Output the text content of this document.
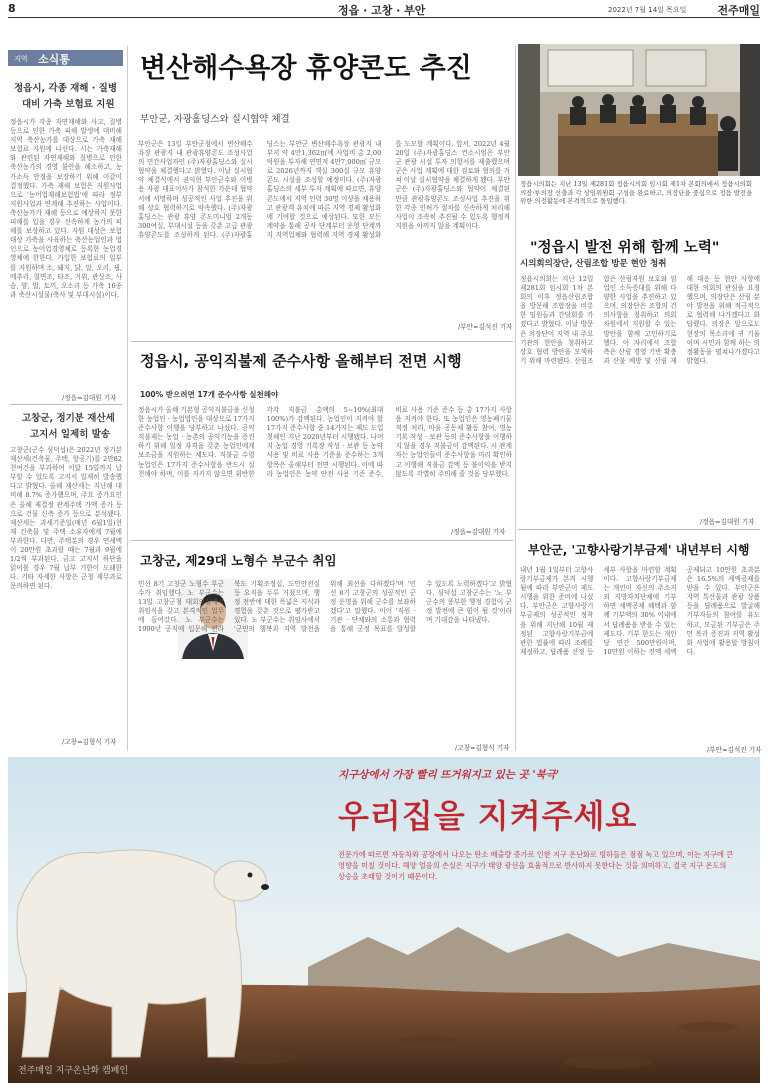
8	정읍 · 고창 · 부안	2022년 7월 14일 목요일	전주매일
지역 소식통
정읍시, 각종 재해 · 질병
대비 가축 보험료 지원
정읍시가 각종 자연재해와 사고, 질병 등으로 인한 가축 피해 발생에 대비해 지역 축산농가를 대상으로 가축 재해 보험료 지원에 나선다. 시는 가축재해와 관련된 자연재해와 질병으로 인한 축산농가의 경영 불안을 해소하고, 농가소득 안정을 보장하기 위해 이같이 결정했다. 가축 재해 보험은 지원사업으로 '농어업재해보험법'에 따라 정부 지원사업과 연계해 추진하는 사업이다. 축산농가가 재해 등으로 예상하지 못한 피해를 입을 경우 신속하게 농가의 피해를 보상하고 있다. 지원 대상은 보험 대상 가축을 사육하는 축산농업인과 법인으로 농어업경영체로 등록한 농업경영체에 한한다. 가입한 보험료의 일부를 지원하며 소, 돼지, 닭, 말, 오리, 꿩, 메추리, 칠면조, 타조, 거위, 관상조, 사슴, 양, 벌, 토끼, 오소리 등 가축 16종과 축산시설물(축사 및 부대시설)이다.
/정읍=김대원 기자
고창군, 정기분 재산세
고지서 일제히 발송
고창군(군수 심덕섭)은 2022년 정기분 재산세(건축물, 주택, 항공기)를 2만82천여건을 부과하여 이달 15일까지 납부할 수 있도록 고지서 일제히 발송했다고 밝혔다. 올해 재산세는 지난해 대비해 8.7% 증가했으며, 주요 증가요인은 올해 재결정 관계주택 가액 증가 등으로 건물 신축 증가 등으로 분석됐다. 재산세는 과세기준일(매년 6월1일)현재 건축물 및 주택 소유자에게 7월에 부과한다. 다만, 주택분의 경우 연세액이 20만원 초과할 때는 7월과 9월에 1/2씩 부과된다. 금고 고지서 하단을 읽어볼 경우 7월 납부 기한이 도래한다. 기타 자세한 사항은 군청 재무과로 문의하면 된다.
/고창=김형식 기자
변산해수욕장 휴양콘도 추진
부안군, 자광홀딩스와 실시협약 체결
부안군은 13일 부안군청에서 변산해수욕장 관광지 내 관광휴양콘도 조성사업의 민간사업자인 (주)자광홀딩스와 실시협약을 체결했다고 밝혔다. 이날 실시협약 체결식에서 권익현 부안군수와 이병용 자광 대표이사가 참석한 가운데 협약서에 서명하며 성공적인 사업 추진을 위해 상호 협력하기로 약속했다. (주)자광홀딩스는 관광 휴양 콘도미니엄 2개동 300여실, 부대시설 등을 갖춘 고급 관광휴양콘도를 조성하게 된다. (주)자광홀딩스는 부안군 변산해수욕장 관광지 내 부지 약 4만1,362㎡에 사업비 총 2,00억원을 투자해 연면적 4만7,000㎡ 규모로 2026년까지 객실 300실 규모 휴양 콘도 시설을 조성할 예정이다. (주)자광홀딩스의 세부 투자 계획에 따르면, 휴양콘도에서 지역 인력 30명 이상을 채용하고 관광객 유치에 따른 지역 경제 활성화에 기여할 것으로 예상된다. 또한 모든 계약을 통해 공사 단계부터 운영 단계까지 지역업체와 협력해 지역 경제 활성화를 도모할 계획이다. 앞서, 2022년 4월 20일 (주)자광홀딩스 컨소시엄은 부안군 관광 시설 투자 의향서를 제출했으며 군은 사업 계획에 대한 검토와 협의를 거쳐 이날 실시협약을 체결하게 됐다. 부안군은 (주)자광홀딩스와 협약이 체결된 만큼 관광휴양콘도 조성사업 추진을 위한 각종 인허가 절차를 신속하게 처리해 사업이 조속히 추진될 수 있도록 행정적 지원을 아끼지 않을 계획이다.
/부안=김석진 기자
정읍시의회는 지난 13일 제281회 정읍시의회 임시회 제1차 본회의에서 정읍시의회 의장·부의장 선출과 각 상임위원회 구성을 완료하고, 의장단을 중심으로 정읍 발전을 위한 의정활동에 본격적으로 돌입했다.
"정읍시 발전 위해 함께 노력"
시의회의장단, 산림조합 방문 현안 청취
정읍시의회는 지난 12일 제281회 임시회 1차 본회의 이후 정읍산림조합을 방문해 조합장을 비롯한 임원들과 간담회를 가졌다고 밝혔다. 이날 방문은 의장단이 지역 내 주요 기관의 현안을 청취하고 상호 협력 방안을 모색하기 위해 마련됐다. 산림조합은 산림자원 보호와 임업인 소득증대를 위해 다양한 사업을 추진하고 있으며, 의장단은 조합의 건의사항을 청취하고 의회 차원에서 지원할 수 있는 방안을 함께 고민하기로 했다. 이 자리에서 조합 측은 산림 경영 기반 확충과 산불 예방 및 산림 재해 대응 등 현안 사항에 대한 의회의 관심을 요청했으며, 의장단은 산림 분야 발전을 위해 적극적으로 협력해 나가겠다고 화답했다. 의장은 앞으로도 현장의 목소리에 귀 기울이며 시민과 함께 하는 의정활동을 펼쳐나가겠다고 밝혔다.
/정읍=김대원 기자
정읍시, 공익직불제 준수사항 올해부터 전면 시행
100% 받으려면 17개 준수사항 실천해야
정읍시가 올해 기본형 공익직불금을 신청한 농업인 · 농업법인을 대상으로 17가지 준수사항 이행을 당부하고 나섰다. 공익직불제는 농업 · 농촌의 공익기능을 증진하기 위해 일정 자격을 갖춘 농업인에게 보조금을 지원하는 제도다. 직불금 수령 농업인은 17가지 준수사항을 반드시 실천해야 하며, 이를 지키지 않으면 위반한 각각 직불금 총액의 5~10%(최대 100%)가 감액된다. 농업인이 지켜야 할 17가지 준수사항 중 14가지는 제도 도입 첫해인 지난 2020년부터 시행됐다. 나머지 농업 경영 기록장 작성 · 보관 등 농약 사용 및 비료 사용 기준을 준수하는 3개 항목은 올해부터 전면 시행된다. 이에 따라 농업인은 농약 안전 사용 기준 준수, 비료 사용 기준 준수 등 총 17가지 사항을 지켜야 한다. 또 농업인은 영농폐기물 적정 처리, 마을 공동체 활동 참여, 영농기록 작성 · 보관 등의 준수사항을 이행하지 않을 경우 직불금이 감액된다. 시 관계자는 농업인들이 준수사항을 미리 확인하고 이행해 직불금 감액 등 불이익을 받지 않도록 각별히 주의해 줄 것을 당부했다.
/정읍=김대원 기자
고창군, 제29대 노형수 부군수 취임
민선 8기 고창군 노형수 부군수가 취임했다. 노 부군수는 13일 고창군청 대회의실에서 취임식을 갖고 본격적인 업무에 들어갔다. 노 부군수는 1990년 공직에 입문해 전라북도 기획조정실, 도민안전실 등 요직을 두루 거쳤으며, 행정 전반에 대한 폭넓은 지식과 경험을 갖춘 것으로 평가받고 있다. 노 부군수는 취임사에서 '군민의 행복과 지역 발전을 위해 최선을 다하겠다'며 '민선 8기 고창군의 성공적인 군정 운영을 위해 군수를 보좌하겠다'고 말했다. 이어 '직원 · 기관 · 단체와의 소통과 협력을 통해 군정 목표를 달성할 수 있도록 노력하겠다'고 밝혔다. 심덕섭 고창군수는 '노 부군수의 풍부한 행정 경험이 군정 발전에 큰 힘이 될 것'이라며 기대감을 나타냈다.
/고창=김형식 기자
부안군, '고향사랑기부금제' 내년부터 시행
내년 1월 1일부터 고향사랑기부금제가 본격 시행됨에 따라 부안군이 제도 시행을 위한 준비에 나섰다. 부안군은 고향사랑기부금제의 성공적인 정착을 위해 지난해 10월 제정된 고향사랑기부금에 관한 법률에 따라 조례를 제정하고, 답례품 선정 등 세부 사항을 마련할 계획이다. 고향사랑기부금제는 개인이 자신의 주소지 외 지방자치단체에 기부하면 세액공제 혜택과 함께 기부액의 30% 이내에서 답례품을 받을 수 있는 제도다. 기부 한도는 개인당 연간 500만원이며, 10만원 이하는 전액 세액공제되고 10만원 초과분은 16.5%의 세액공제를 받을 수 있다. 부안군은 지역 특산물과 관광 상품 등을 답례품으로 발굴해 기부자들의 참여를 유도하고, 모금된 기부금은 주민 복리 증진과 지역 활성화 사업에 활용할 방침이다.
/부안=김석진 기자
지구상에서 가장 빨리 뜨거워지고 있는 곳 '북극'
우리집을 지켜주세요
전문가에 따르면 자동차와 공장에서 나오는 탄소 배출량 증가로 인한 지구 온난화로 빙하들은 점점 녹고 있으며, 이는 지구에 큰 영향을 미칠 것이다. 해양 얼음의 손실은 지구가 태양 광선을 효율적으로 반사하지 못한다는 것을 의미하고, 결국 지구 온도의 상승을 초래할 것이기 때문이다.
전주매일 지구온난화 캠페인
